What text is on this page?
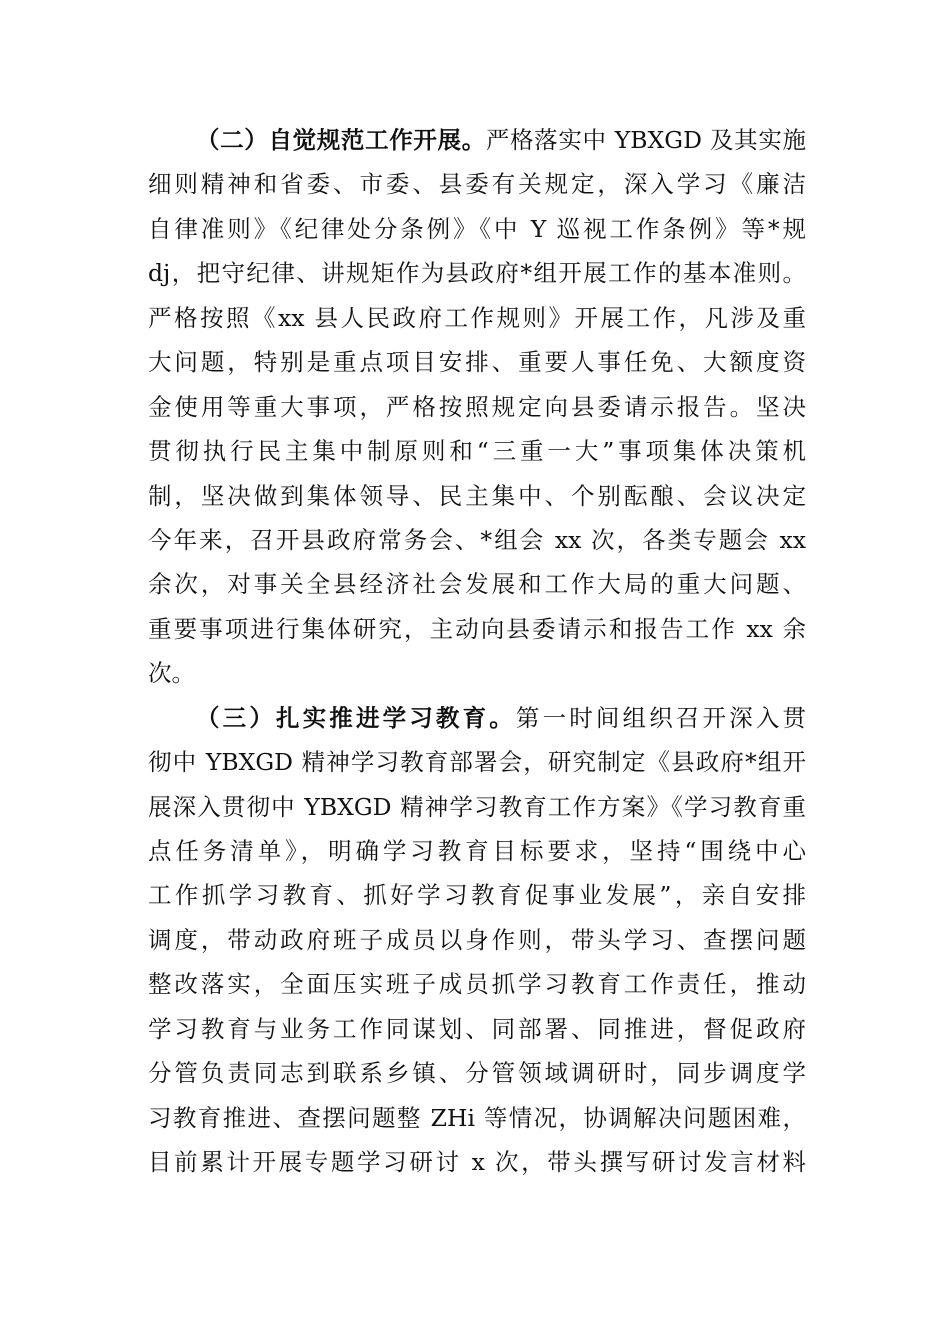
（二）自觉规范工作开展。严格落实中 YBXGD 及其实施
细则精神和省委、市委、县委有关规定，深入学习《廉洁
自律准则》《纪律处分条例》《中 Y 巡视工作条例》等*规
dj，把守纪律、讲规矩作为县政府*组开展工作的基本准则。
严格按照《xx 县人民政府工作规则》开展工作，凡涉及重
大问题，特别是重点项目安排、重要人事任免、大额度资
金使用等重大事项，严格按照规定向县委请示报告。坚决
贯彻执行民主集中制原则和“三重一大”事项集体决策机
制，坚决做到集体领导、民主集中、个别酝酿、会议决定
今年来，召开县政府常务会、*组会 xx 次，各类专题会 xx
余次，对事关全县经济社会发展和工作大局的重大问题、
重要事项进行集体研究，主动向县委请示和报告工作 xx 余
次。
（三）扎实推进学习教育。第一时间组织召开深入贯
彻中 YBXGD 精神学习教育部署会，研究制定《县政府*组开
展深入贯彻中 YBXGD 精神学习教育工作方案》《学习教育重
点任务清单》，明确学习教育目标要求，坚持“围绕中心
工作抓学习教育、抓好学习教育促事业发展”，亲自安排
调度，带动政府班子成员以身作则，带头学习、查摆问题
整改落实，全面压实班子成员抓学习教育工作责任，推动
学习教育与业务工作同谋划、同部署、同推进，督促政府
分管负责同志到联系乡镇、分管领域调研时，同步调度学
习教育推进、查摆问题整 ZHi 等情况，协调解决问题困难，
目前累计开展专题学习研讨 x 次，带头撰写研讨发言材料
